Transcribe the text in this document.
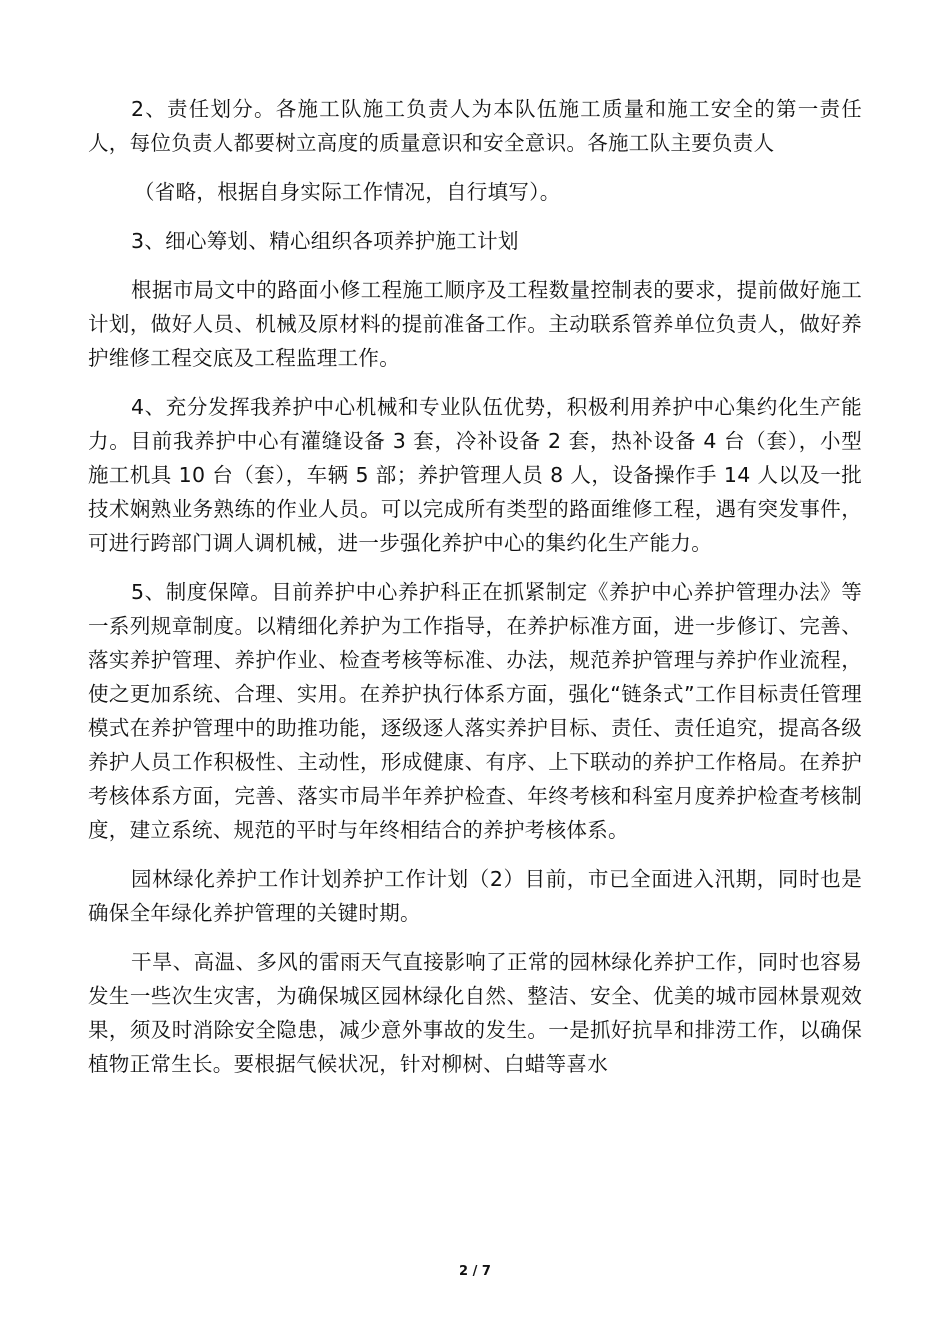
2、责任划分。各施工队施工负责人为本队伍施工质量和施工安全的第一责任人，每位负责人都要树立高度的质量意识和安全意识。各施工队主要负责人

（省略，根据自身实际工作情况，自行填写）。

3、细心筹划、精心组织各项养护施工计划

根据市局文中的路面小修工程施工顺序及工程数量控制表的要求，提前做好施工计划，做好人员、机械及原材料的提前准备工作。主动联系管养单位负责人，做好养护维修工程交底及工程监理工作。

4、充分发挥我养护中心机械和专业队伍优势，积极利用养护中心集约化生产能力。目前我养护中心有灌缝设备 3 套，冷补设备 2 套，热补设备 4 台（套），小型施工机具 10 台（套），车辆 5 部；养护管理人员 8 人，设备操作手 14 人以及一批技术娴熟业务熟练的作业人员。可以完成所有类型的路面维修工程，遇有突发事件，可进行跨部门调人调机械，进一步强化养护中心的集约化生产能力。

5、制度保障。目前养护中心养护科正在抓紧制定《养护中心养护管理办法》等一系列规章制度。以精细化养护为工作指导，在养护标准方面，进一步修订、完善、落实养护管理、养护作业、检查考核等标准、办法，规范养护管理与养护作业流程，使之更加系统、合理、实用。在养护执行体系方面，强化“链条式”工作目标责任管理模式在养护管理中的助推功能，逐级逐人落实养护目标、责任、责任追究，提高各级养护人员工作积极性、主动性，形成健康、有序、上下联动的养护工作格局。在养护考核体系方面，完善、落实市局半年养护检查、年终考核和科室月度养护检查考核制度，建立系统、规范的平时与年终相结合的养护考核体系。

园林绿化养护工作计划养护工作计划（2）目前，市已全面进入汛期，同时也是确保全年绿化养护管理的关键时期。

干旱、高温、多风的雷雨天气直接影响了正常的园林绿化养护工作，同时也容易发生一些次生灾害，为确保城区园林绿化自然、整洁、安全、优美的城市园林景观效果，须及时消除安全隐患，减少意外事故的发生。一是抓好抗旱和排涝工作，以确保植物正常生长。要根据气候状况，针对柳树、白蜡等喜水

2 / 7
